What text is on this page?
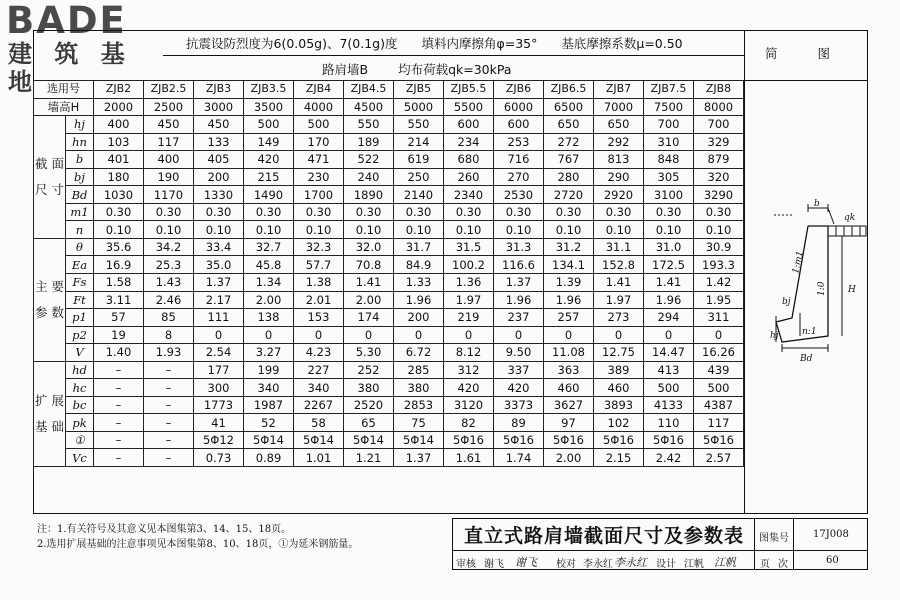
BADE
建 筑 基 地
抗震设防烈度为6(0.05g)、7(0.1g)度 填料内摩擦角φ=35° 基底摩擦系数μ=0.50
路肩墙B 均布荷载qk=30kPa
简 图
选用号		ZJB2	ZJB2.5	ZJB3	ZJB3.5	ZJB4	ZJB4.5	ZJB5	ZJB5.5	ZJB6	ZJB6.5	ZJB7	ZJB7.5	ZJB8
墙高H		2000	2500	3000	3500	4000	4500	5000	5500	6000	6500	7000	7500	8000
截 面 尺 寸	hj	400	450	450	500	500	550	550	600	600	650	650	700	700
	hn	103	117	133	149	170	189	214	234	253	272	292	310	329
	b	401	400	405	420	471	522	619	680	716	767	813	848	879
	bj	180	190	200	215	230	240	250	260	270	280	290	305	320
	Bd	1030	1170	1330	1490	1700	1890	2140	2340	2530	2720	2920	3100	3290
	m1	0.30	0.30	0.30	0.30	0.30	0.30	0.30	0.30	0.30	0.30	0.30	0.30	0.30
	n	0.10	0.10	0.10	0.10	0.10	0.10	0.10	0.10	0.10	0.10	0.10	0.10	0.10
主 要 参 数	θ	35.6	34.2	33.4	32.7	32.3	32.0	31.7	31.5	31.3	31.2	31.1	31.0	30.9
	Ea	16.9	25.3	35.0	45.8	57.7	70.8	84.9	100.2	116.6	134.1	152.8	172.5	193.3
	Fs	1.58	1.43	1.37	1.34	1.38	1.41	1.33	1.36	1.37	1.39	1.41	1.41	1.42
	Ft	3.11	2.46	2.17	2.00	2.01	2.00	1.96	1.97	1.96	1.96	1.97	1.96	1.95
	p1	57	85	111	138	153	174	200	219	237	257	273	294	311
	p2	19	8	0	0	0	0	0	0	0	0	0	0	0
	V	1.40	1.93	2.54	3.27	4.23	5.30	6.72	8.12	9.50	11.08	12.75	14.47	16.26
扩 展 基 础	hd	–	–	177	199	227	252	285	312	337	363	389	413	439
	hc	–	–	300	340	340	380	380	420	420	460	460	500	500
	bc	–	–	1773	1987	2267	2520	2853	3120	3373	3627	3893	4133	4387
	pk	–	–	41	52	58	65	75	82	89	97	102	110	117
	①	–	–	5Φ12	5Φ14	5Φ14	5Φ14	5Φ14	5Φ16	5Φ16	5Φ16	5Φ16	5Φ16	5Φ16
	Vc	–	–	0.73	0.89	1.01	1.21	1.37	1.61	1.74	2.00	2.15	2.42	2.57
b
qk
1:m1
1:0 H
bj
hj	n:1
Bd
注：1.有关符号及其意义见本图集第3、14、15、18页。
2.选用扩展基础的注意事项见本图集第8、10、18页，①为延米钢筋量。	直立式路肩墙截面尺寸及参数表	图集号 17J008
审核 谢飞 谢飞 校对 李永红 李永红 设计 江帆 江帆 页 次	60
